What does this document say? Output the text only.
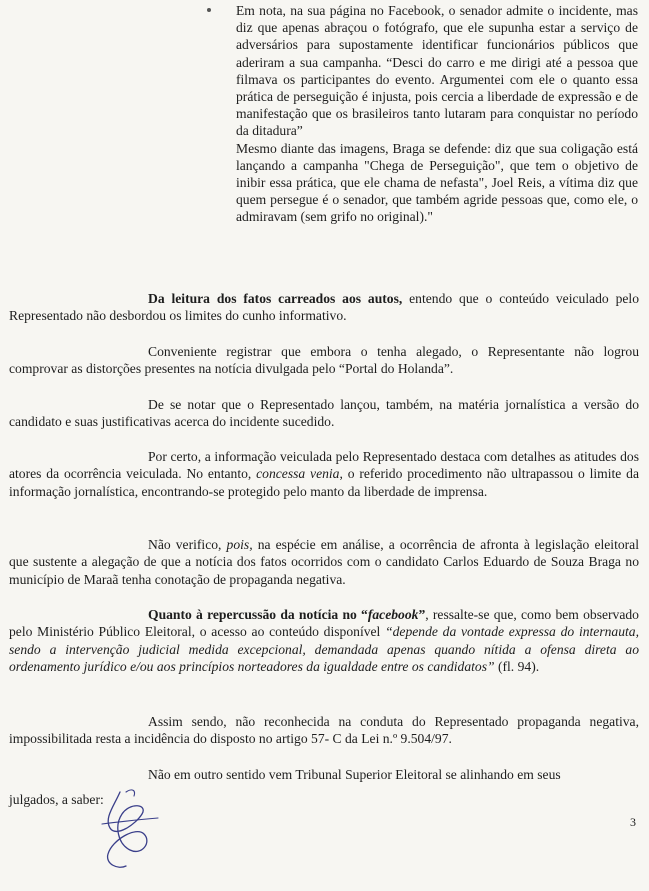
Em nota, na sua página no Facebook, o senador admite o incidente, mas diz que apenas abraçou o fotógrafo, que ele supunha estar a serviço de adversários para supostamente identificar funcionários públicos que aderiram a sua campanha. “Desci do carro e me dirigi até a pessoa que filmava os participantes do evento. Argumentei com ele o quanto essa prática de perseguição é injusta, pois cercia a liberdade de expressão e de manifestação que os brasileiros tanto lutaram para conquistar no período da ditadura”

Mesmo diante das imagens, Braga se defende: diz que sua coligação está lançando a campanha "Chega de Perseguição", que tem o objetivo de inibir essa prática, que ele chama de nefasta", Joel Reis, a vítima diz que quem persegue é o senador, que também agride pessoas que, como ele, o admiravam (sem grifo no original)."

Da leitura dos fatos carreados aos autos, entendo que o conteúdo veiculado pelo Representado não desbordou os limites do cunho informativo.

Conveniente registrar que embora o tenha alegado, o Representante não logrou comprovar as distorções presentes na notícia divulgada pelo “Portal do Holanda”.

De se notar que o Representado lançou, também, na matéria jornalística a versão do candidato e suas justificativas acerca do incidente sucedido.

Por certo, a informação veiculada pelo Representado destaca com detalhes as atitudes dos atores da ocorrência veiculada. No entanto, concessa venia, o referido procedimento não ultrapassou o limite da informação jornalística, encontrando-se protegido pelo manto da liberdade de imprensa.

Não verifico, pois, na espécie em análise, a ocorrência de afronta à legislação eleitoral que sustente a alegação de que a notícia dos fatos ocorridos com o candidato Carlos Eduardo de Souza Braga no município de Maraã tenha conotação de propaganda negativa.

Quanto à repercussão da notícia no “facebook”, ressalte-se que, como bem observado pelo Ministério Público Eleitoral, o acesso ao conteúdo disponível “depende da vontade expressa do internauta, sendo a intervenção judicial medida excepcional, demandada apenas quando nítida a ofensa direta ao ordenamento jurídico e/ou aos princípios norteadores da igualdade entre os candidatos” (fl. 94).

Assim sendo, não reconhecida na conduta do Representado propaganda negativa, impossibilitada resta a incidência do disposto no artigo 57- C da Lei n.º 9.504/97.

Não em outro sentido vem Tribunal Superior Eleitoral se alinhando em seus

julgados, a saber:

3
